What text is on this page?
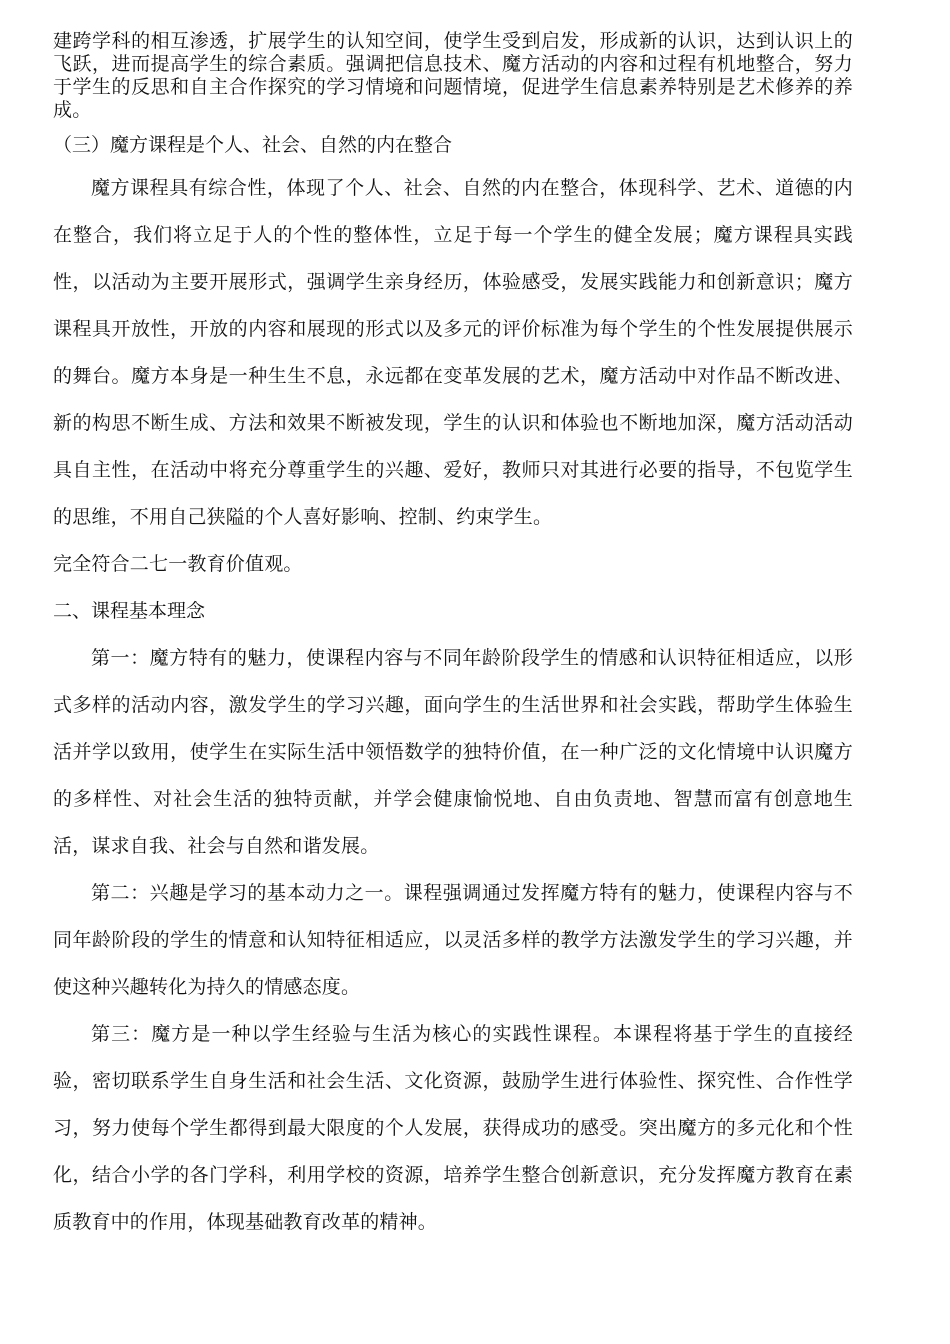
建跨学科的相互渗透，扩展学生的认知空间，使学生受到启发，形成新的认识，达到认识上的飞跃，进而提高学生的综合素质。强调把信息技术、魔方活动的内容和过程有机地整合，努力于学生的反思和自主合作探究的学习情境和问题情境，促进学生信息素养特别是艺术修养的养成。

（三）魔方课程是个人、社会、自然的内在整合

魔方课程具有综合性，体现了个人、社会、自然的内在整合，体现科学、艺术、道德的内在整合，我们将立足于人的个性的整体性，立足于每一个学生的健全发展；魔方课程具实践性，以活动为主要开展形式，强调学生亲身经历，体验感受，发展实践能力和创新意识；魔方课程具开放性，开放的内容和展现的形式以及多元的评价标准为每个学生的个性发展提供展示的舞台。魔方本身是一种生生不息，永远都在变革发展的艺术，魔方活动中对作品不断改进、新的构思不断生成、方法和效果不断被发现，学生的认识和体验也不断地加深，魔方活动活动具自主性，在活动中将充分尊重学生的兴趣、爱好，教师只对其进行必要的指导，不包览学生的思维，不用自己狭隘的个人喜好影响、控制、约束学生。

完全符合二七一教育价值观。

二、课程基本理念

第一：魔方特有的魅力，使课程内容与不同年龄阶段学生的情感和认识特征相适应，以形式多样的活动内容，激发学生的学习兴趣，面向学生的生活世界和社会实践，帮助学生体验生活并学以致用，使学生在实际生活中领悟数学的独特价值，在一种广泛的文化情境中认识魔方的多样性、对社会生活的独特贡献，并学会健康愉悦地、自由负责地、智慧而富有创意地生活，谋求自我、社会与自然和谐发展。

第二：兴趣是学习的基本动力之一。课程强调通过发挥魔方特有的魅力，使课程内容与不同年龄阶段的学生的情意和认知特征相适应，以灵活多样的教学方法激发学生的学习兴趣，并使这种兴趣转化为持久的情感态度。

第三：魔方是一种以学生经验与生活为核心的实践性课程。本课程将基于学生的直接经验，密切联系学生自身生活和社会生活、文化资源，鼓励学生进行体验性、探究性、合作性学习，努力使每个学生都得到最大限度的个人发展，获得成功的感受。突出魔方的多元化和个性化，结合小学的各门学科，利用学校的资源，培养学生整合创新意识，充分发挥魔方教育在素质教育中的作用，体现基础教育改革的精神。
